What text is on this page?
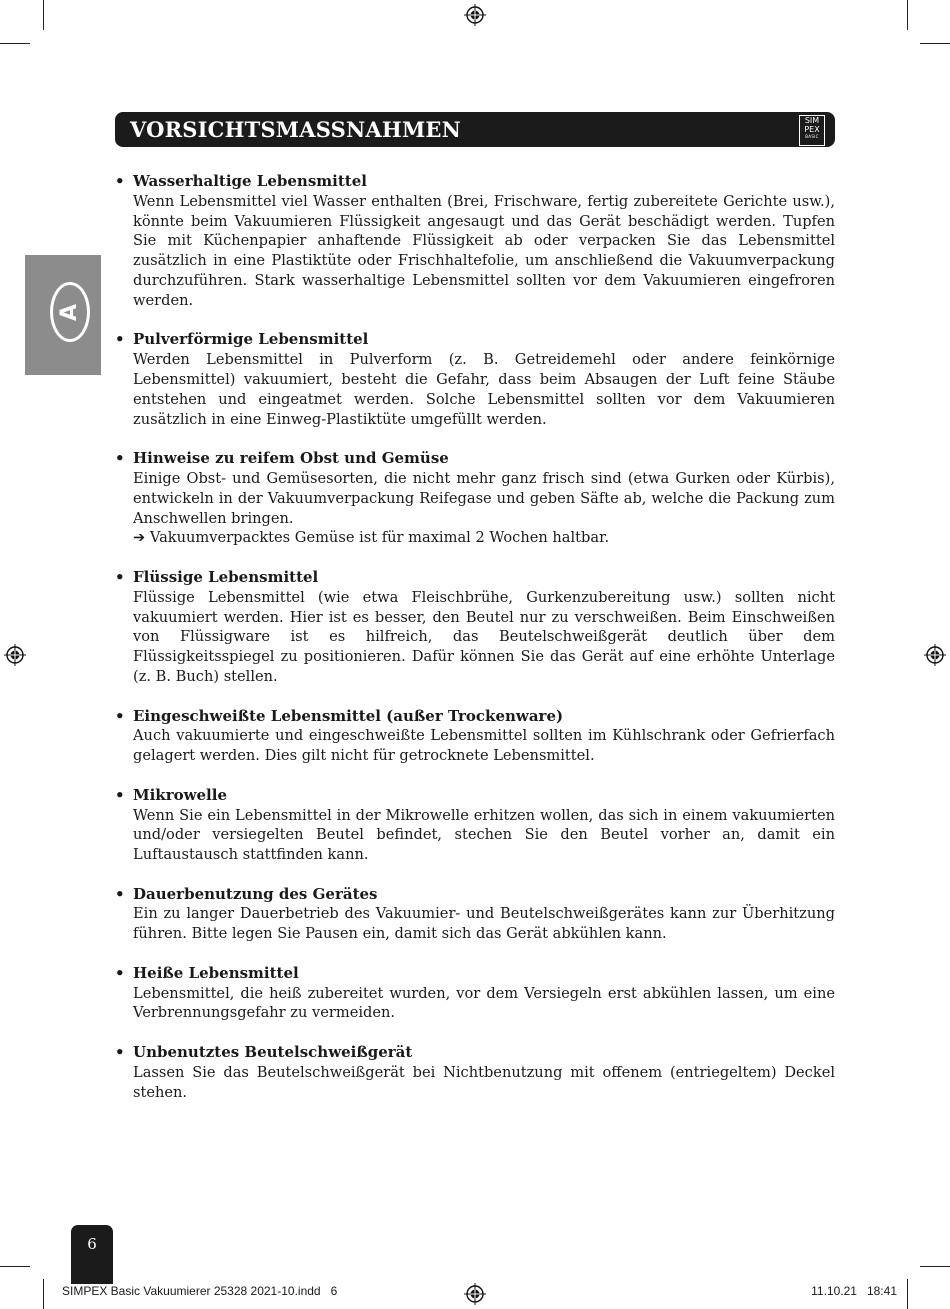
VORSICHTSMASSNAHMEN	SIM
PEX
BASIC
A
• Wasserhaltige Lebensmittel
Wenn Lebensmittel viel Wasser enthalten (Brei, Frischware, fertig zubereitete Gerichte usw.), könnte beim Vakuumieren Flüssigkeit angesaugt und das Gerät beschädigt werden. Tupfen Sie mit Küchenpapier anhaftende Flüssigkeit ab oder verpacken Sie das Lebensmittel zusätzlich in eine Plastiktüte oder Frischhaltefolie, um anschließend die Vakuumverpackung durchzuführen. Stark wasserhaltige Lebensmittel sollten vor dem Vakuumieren eingefroren werden.
• Pulverförmige Lebensmittel
Werden Lebensmittel in Pulverform (z. B. Getreidemehl oder andere feinkörnige Lebensmittel) vakuumiert, besteht die Gefahr, dass beim Absaugen der Luft feine Stäube entstehen und eingeatmet werden. Solche Lebensmittel sollten vor dem Vakuumieren zusätzlich in eine Einweg-Plastiktüte umgefüllt werden.
• Hinweise zu reifem Obst und Gemüse
Einige Obst- und Gemüsesorten, die nicht mehr ganz frisch sind (etwa Gurken oder Kürbis), entwickeln in der Vakuumverpackung Reifegase und geben Säfte ab, welche die Packung zum Anschwellen bringen.
➔ Vakuumverpacktes Gemüse ist für maximal 2 Wochen haltbar.
• Flüssige Lebensmittel
Flüssige Lebensmittel (wie etwa Fleischbrühe, Gurkenzubereitung usw.) sollten nicht vakuumiert werden. Hier ist es besser, den Beutel nur zu verschweißen. Beim Einschweißen von Flüssigware ist es hilfreich, das Beutelschweißgerät deutlich über dem Flüssigkeitsspiegel zu positionieren. Dafür können Sie das Gerät auf eine erhöhte Unterlage (z. B. Buch) stellen.
• Eingeschweißte Lebensmittel (außer Trockenware)
Auch vakuumierte und eingeschweißte Lebensmittel sollten im Kühlschrank oder Gefrierfach gelagert werden. Dies gilt nicht für getrocknete Lebensmittel.
• Mikrowelle
Wenn Sie ein Lebensmittel in der Mikrowelle erhitzen wollen, das sich in einem vakuumierten und/oder versiegelten Beutel befindet, stechen Sie den Beutel vorher an, damit ein Luftaustausch stattfinden kann.
• Dauerbenutzung des Gerätes
Ein zu langer Dauerbetrieb des Vakuumier- und Beutelschweißgerätes kann zur Überhitzung führen. Bitte legen Sie Pausen ein, damit sich das Gerät abkühlen kann.
• Heiße Lebensmittel
Lebensmittel, die heiß zubereitet wurden, vor dem Versiegeln erst abkühlen lassen, um eine Verbrennungsgefahr zu vermeiden.
• Unbenutztes Beutelschweißgerät
Lassen Sie das Beutelschweißgerät bei Nichtbenutzung mit offenem (entriegeltem) Deckel stehen.
6
SIMPEX Basic Vakuumierer 25328 2021-10.indd   6	11.10.21   18:41
